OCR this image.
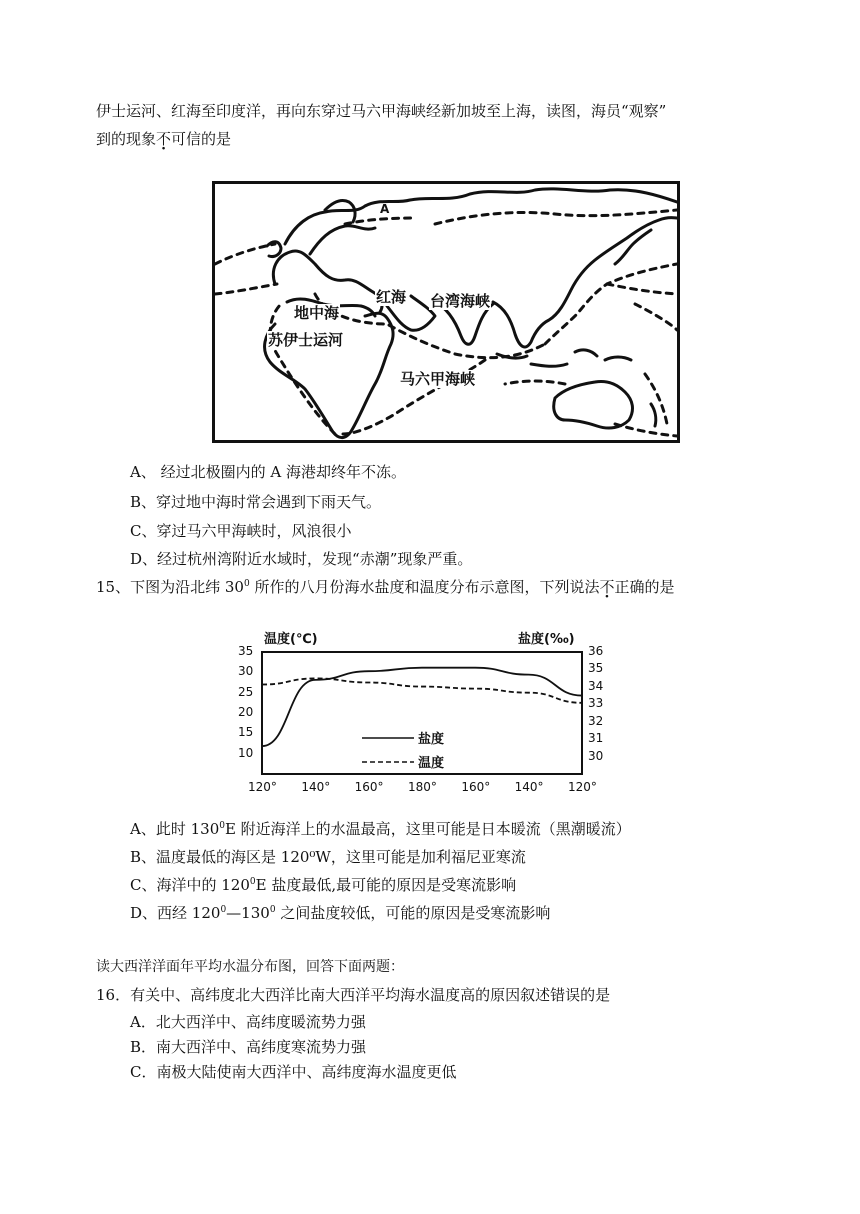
伊士运河、红海至印度洋，再向东穿过马六甲海峡经新加坡至上海，读图，海员“观察”
到的现象不可信的是
A
红海 台湾海峡
地中海
苏伊士运河
马六甲海峡
A、 经过北极圈内的 A 海港却终年不冻。
B、穿过地中海时常会遇到下雨天气。
C、穿过马六甲海峡时，风浪很小
D、经过杭州湾附近水域时，发现“赤潮”现象严重。
15、下图为沿北纬 $30^0$ 所作的八月份海水盐度和温度分布示意图，下列说法不正确的是
温度(℃)	盐度(‰)
35
30
25
20
15
10
36
35
34
33
32
31
30
120° 140° 160° 180° 160° 140° 120°
盐度
温度
A、此时 $130^0E$ 附近海洋上的水温最高，这里可能是日本暖流（黑潮暖流）
B、温度最低的海区是 120⁰W，这里可能是加利福尼亚寒流
C、海洋中的 $120^0E$ 盐度最低,最可能的原因是受寒流影响
D、西经 $120^0—130^0$ 之间盐度较低，可能的原因是受寒流影响
读大西洋洋面年平均水温分布图，回答下面两题：
16．有关中、高纬度北大西洋比南大西洋平均海水温度高的原因叙述错误的是
A．北大西洋中、高纬度暖流势力强
B．南大西洋中、高纬度寒流势力强
C．南极大陆使南大西洋中、高纬度海水温度更低
